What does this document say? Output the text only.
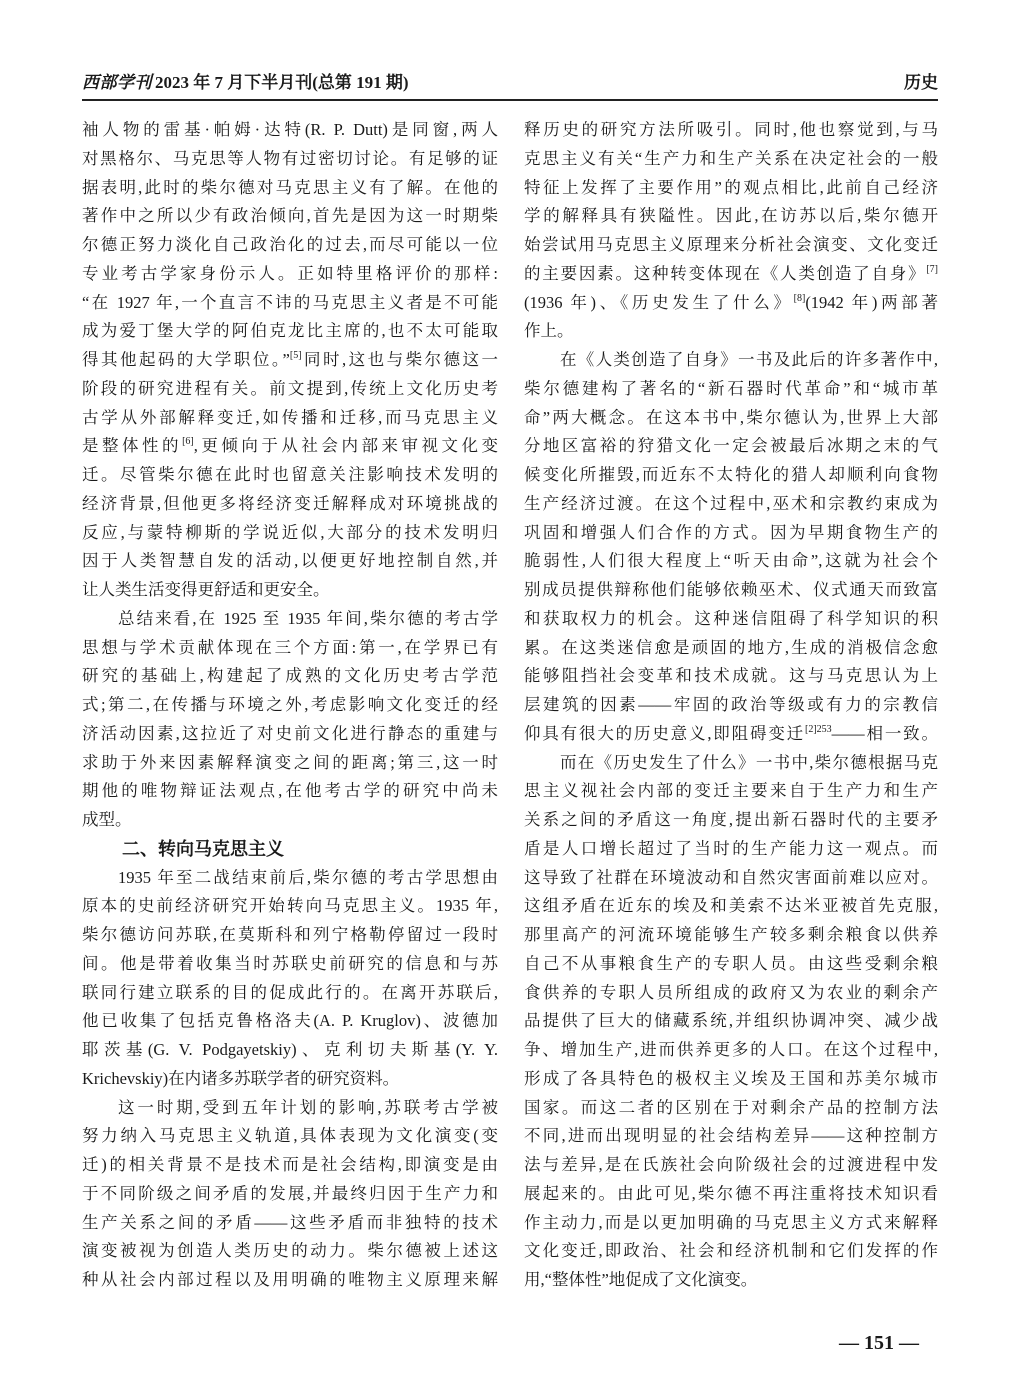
西部学刊 2023 年 7 月下半月刊(总第 191 期)	历史
袖人物的雷基·帕姆·达特(R. P. Dutt)是同窗,两人
对黑格尔、马克思等人物有过密切讨论。有足够的证
据表明,此时的柴尔德对马克思主义有了解。在他的
著作中之所以少有政治倾向,首先是因为这一时期柴
尔德正努力淡化自己政治化的过去,而尽可能以一位
专业考古学家身份示人。正如特里格评价的那样:
“在 1927 年,一个直言不讳的马克思主义者是不可能
成为爱丁堡大学的阿伯克龙比主席的,也不太可能取
得其他起码的大学职位。”[5]同时,这也与柴尔德这一
阶段的研究进程有关。前文提到,传统上文化历史考
古学从外部解释变迁,如传播和迁移,而马克思主义
是整体性的[6],更倾向于从社会内部来审视文化变
迁。尽管柴尔德在此时也留意关注影响技术发明的
经济背景,但他更多将经济变迁解释成对环境挑战的
反应,与蒙特柳斯的学说近似,大部分的技术发明归
因于人类智慧自发的活动,以便更好地控制自然,并
让人类生活变得更舒适和更安全。
总结来看,在 1925 至 1935 年间,柴尔德的考古学
思想与学术贡献体现在三个方面:第一,在学界已有
研究的基础上,构建起了成熟的文化历史考古学范
式;第二,在传播与环境之外,考虑影响文化变迁的经
济活动因素,这拉近了对史前文化进行静态的重建与
求助于外来因素解释演变之间的距离;第三,这一时
期他的唯物辩证法观点,在他考古学的研究中尚未
成型。
二、转向马克思主义
1935 年至二战结束前后,柴尔德的考古学思想由
原本的史前经济研究开始转向马克思主义。1935 年,
柴尔德访问苏联,在莫斯科和列宁格勒停留过一段时
间。他是带着收集当时苏联史前研究的信息和与苏
联同行建立联系的目的促成此行的。在离开苏联后,
他已收集了包括克鲁格洛夫(A. P. Kruglov)、波德加
耶茨基(G. V. Podgayetskiy)、克利切夫斯基(Y. Y.
Krichevskiy)在内诸多苏联学者的研究资料。
这一时期,受到五年计划的影响,苏联考古学被
努力纳入马克思主义轨道,具体表现为文化演变(变
迁)的相关背景不是技术而是社会结构,即演变是由
于不同阶级之间矛盾的发展,并最终归因于生产力和
生产关系之间的矛盾——这些矛盾而非独特的技术
演变被视为创造人类历史的动力。柴尔德被上述这
种从社会内部过程以及用明确的唯物主义原理来解
释历史的研究方法所吸引。同时,他也察觉到,与马
克思主义有关“生产力和生产关系在决定社会的一般
特征上发挥了主要作用”的观点相比,此前自己经济
学的解释具有狭隘性。因此,在访苏以后,柴尔德开
始尝试用马克思主义原理来分析社会演变、文化变迁
的主要因素。这种转变体现在《人类创造了自身》[7]
(1936 年)、《历史发生了什么》[8](1942 年)两部著
作上。
在《人类创造了自身》一书及此后的许多著作中,
柴尔德建构了著名的“新石器时代革命”和“城市革
命”两大概念。在这本书中,柴尔德认为,世界上大部
分地区富裕的狩猎文化一定会被最后冰期之末的气
候变化所摧毁,而近东不太特化的猎人却顺利向食物
生产经济过渡。在这个过程中,巫术和宗教约束成为
巩固和增强人们合作的方式。因为早期食物生产的
脆弱性,人们很大程度上“听天由命”,这就为社会个
别成员提供辩称他们能够依赖巫术、仪式通天而致富
和获取权力的机会。这种迷信阻碍了科学知识的积
累。在这类迷信愈是顽固的地方,生成的消极信念愈
能够阻挡社会变革和技术成就。这与马克思认为上
层建筑的因素——牢固的政治等级或有力的宗教信
仰具有很大的历史意义,即阻碍变迁$^{[2]253}$——相一致。
而在《历史发生了什么》一书中,柴尔德根据马克
思主义视社会内部的变迁主要来自于生产力和生产
关系之间的矛盾这一角度,提出新石器时代的主要矛
盾是人口增长超过了当时的生产能力这一观点。而
这导致了社群在环境波动和自然灾害面前难以应对。
这组矛盾在近东的埃及和美索不达米亚被首先克服,
那里高产的河流环境能够生产较多剩余粮食以供养
自己不从事粮食生产的专职人员。由这些受剩余粮
食供养的专职人员所组成的政府又为农业的剩余产
品提供了巨大的储藏系统,并组织协调冲突、减少战
争、增加生产,进而供养更多的人口。在这个过程中,
形成了各具特色的极权主义埃及王国和苏美尔城市
国家。而这二者的区别在于对剩余产品的控制方法
不同,进而出现明显的社会结构差异——这种控制方
法与差异,是在氏族社会向阶级社会的过渡进程中发
展起来的。由此可见,柴尔德不再注重将技术知识看
作主动力,而是以更加明确的马克思主义方式来解释
文化变迁,即政治、社会和经济机制和它们发挥的作
用,“整体性”地促成了文化演变。
— 151 —
